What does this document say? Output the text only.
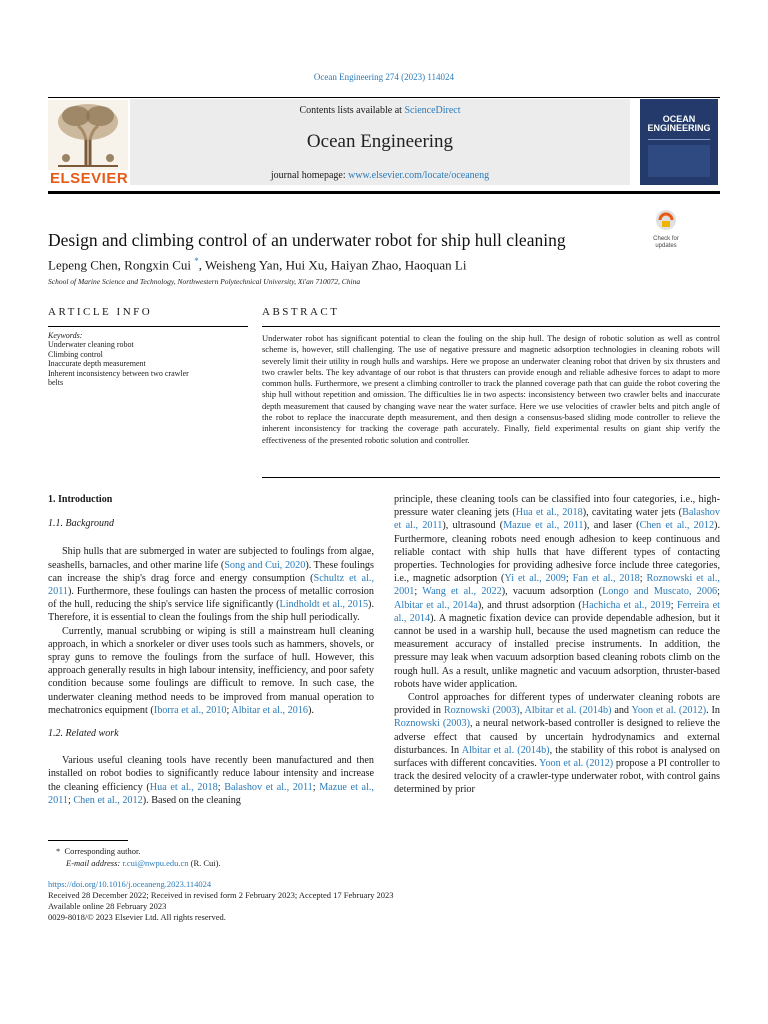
Ocean Engineering 274 (2023) 114024
ELSEVIER
Contents lists available at ScienceDirect
Ocean Engineering
journal homepage: www.elsevier.com/locate/oceaneng
OCEAN
ENGINEERING
Check for
updates
Design and climbing control of an underwater robot for ship hull cleaning
Lepeng Chen, Rongxin Cui *, Weisheng Yan, Hui Xu, Haiyan Zhao, Haoquan Li
School of Marine Science and Technology, Northwestern Polytechnical University, Xi'an 710072, China
ARTICLE INFO	ABSTRACT
Keywords:
Underwater cleaning robot
Climbing control
Inaccurate depth measurement
Inherent inconsistency between two crawler
belts
Underwater robot has significant potential to clean the fouling on the ship hull. The design of robotic solution as well as control scheme is, however, still challenging. The use of negative pressure and magnetic adsorption technologies in cleaning robots will severely limit their utility in rough hulls and warships. Here we propose an underwater cleaning robot that driven by six thrusters and two crawler belts. The key advantage of our robot is that thrusters can provide enough and reliable adhesive forces to adapt to more common hulls. Furthermore, we present a climbing controller to track the planned coverage path that can guide the robot covering the ship hull without repetition and omission. The difficulties lie in two aspects: inconsistency between two crawler belts and inaccurate depth measurement that caused by changing wave near the water surface. Here we use velocities of crawler belts and pitch angle of the robot to replace the inaccurate depth measurement, and then design a consensus-based sliding mode controller to relieve the inherent inconsistency for tracking the coverage path accurately. Finally, field experimental results on giant ship verify the effectiveness of the presented robotic solution and controller.
1. Introduction
1.1. Background

Ship hulls that are submerged in water are subjected to foulings from algae, seashells, barnacles, and other marine life (Song and Cui, 2020). These foulings can increase the ship's drag force and energy consumption (Schultz et al., 2011). Furthermore, these foulings can hasten the process of metallic corrosion of the hull, reducing the ship's service life significantly (Lindholdt et al., 2015). Therefore, it is essential to clean the foulings from the ship hull periodically.

Currently, manual scrubbing or wiping is still a mainstream hull cleaning approach, in which a snorkeler or diver uses tools such as hammers, shovels, or spray guns to remove the foulings from the surface of hull. However, this approach generally results in high labour intensity, inefficiency, and poor safety condition because some foulings are difficult to remove. In such case, the underwater cleaning method needs to be improved from manual operation to mechatronics equipment (Iborra et al., 2010; Albitar et al., 2016).

1.2. Related work

Various useful cleaning tools have recently been manufactured and then installed on robot bodies to significantly reduce labour intensity and increase the cleaning efficiency (Hua et al., 2018; Balashov et al., 2011; Mazue et al., 2011; Chen et al., 2012). Based on the cleaning

principle, these cleaning tools can be classified into four categories, i.e., high-pressure water cleaning jets (Hua et al., 2018), cavitating water jets (Balashov et al., 2011), ultrasound (Mazue et al., 2011), and laser (Chen et al., 2012). Furthermore, cleaning robots need enough adhesion to keep continuous and reliable contact with ship hulls that have different types of contacting properties. Technologies for providing adhesive force include three categories, i.e., magnetic adsorption (Yi et al., 2009; Fan et al., 2018; Roznowski et al., 2001; Wang et al., 2022), vacuum adsorption (Longo and Muscato, 2006; Albitar et al., 2014a), and thrust adsorption (Hachicha et al., 2019; Ferreira et al., 2014). A magnetic fixation device can provide dependable adhesion, but it cannot be used in a warship hull, because the used magnetism can reduce the measurement accuracy of installed precise instruments. In addition, the pressure may leak when vacuum adsorption based cleaning robots climb on the rough hull. As a result, unlike magnetic and vacuum adsorption, thruster-based robots have wider application.

Control approaches for different types of underwater cleaning robots are provided in Roznowski (2003), Albitar et al. (2014b) and Yoon et al. (2012). In Roznowski (2003), a neural network-based controller is designed to relieve the adverse effect that caused by uncertain hydrodynamics and external disturbances. In Albitar et al. (2014b), the stability of this robot is analysed on surfaces with different concavities. Yoon et al. (2012) propose a PI controller to track the desired velocity of a crawler-type underwater robot, with control gains determined by prior

* Corresponding author.
E-mail address: r.cui@nwpu.edu.cn (R. Cui).
https://doi.org/10.1016/j.oceaneng.2023.114024
Received 28 December 2022; Received in revised form 2 February 2023; Accepted 17 February 2023
Available online 28 February 2023
0029-8018/© 2023 Elsevier Ltd. All rights reserved.
